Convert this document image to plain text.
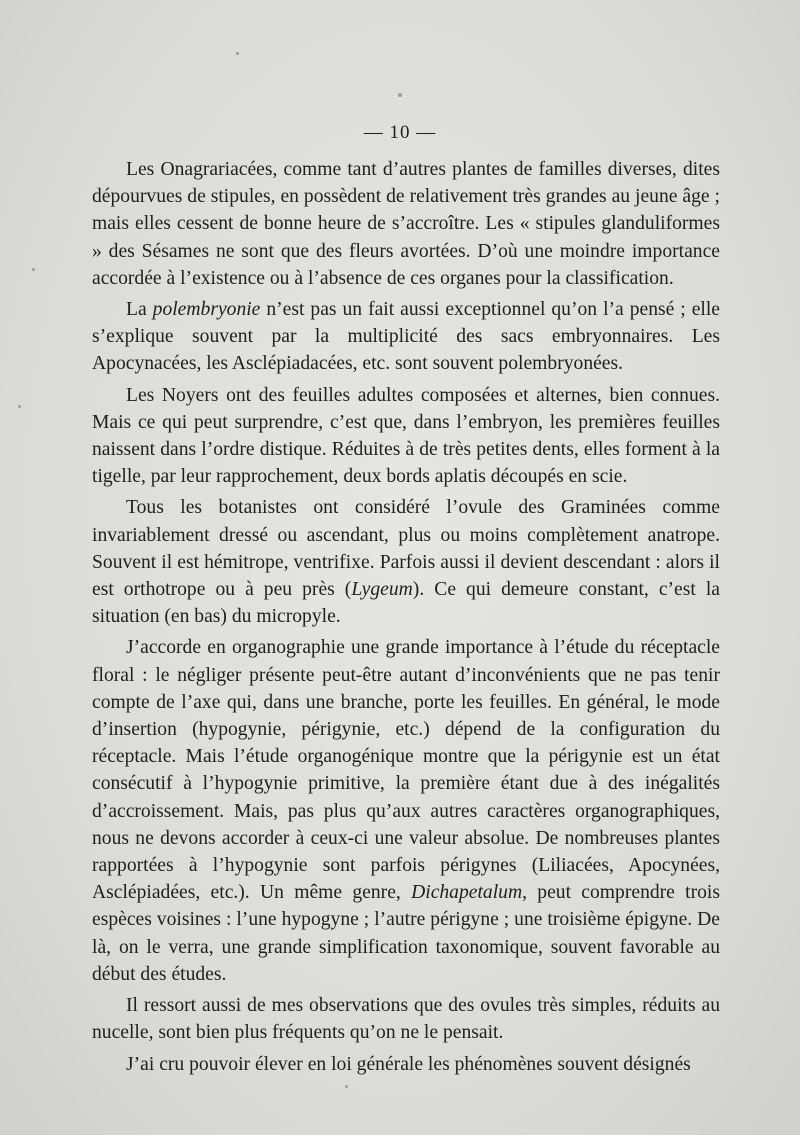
— 10 —

Les Onagrariacées, comme tant d’autres plantes de familles diverses, dites dépourvues de stipules, en possèdent de relativement très grandes au jeune âge ; mais elles cessent de bonne heure de s’accroître. Les « stipules glanduliformes » des Sésames ne sont que des fleurs avortées. D’où une moindre importance accordée à l’existence ou à l’absence de ces organes pour la classification.

La polembryonie n’est pas un fait aussi exceptionnel qu’on l’a pensé ; elle s’explique souvent par la multiplicité des sacs embryonnaires. Les Apocynacées, les Asclépiadacées, etc. sont souvent polembryonées.

Les Noyers ont des feuilles adultes composées et alternes, bien connues. Mais ce qui peut surprendre, c’est que, dans l’embryon, les premières feuilles naissent dans l’ordre distique. Réduites à de très petites dents, elles forment à la tigelle, par leur rapprochement, deux bords aplatis découpés en scie.

Tous les botanistes ont considéré l’ovule des Graminées comme invariablement dressé ou ascendant, plus ou moins complètement anatrope. Souvent il est hémitrope, ventrifixe. Parfois aussi il devient descendant : alors il est orthotrope ou à peu près (Lygeum). Ce qui demeure constant, c’est la situation (en bas) du micropyle.

J’accorde en organographie une grande importance à l’étude du réceptacle floral : le négliger présente peut-être autant d’inconvénients que ne pas tenir compte de l’axe qui, dans une branche, porte les feuilles. En général, le mode d’insertion (hypogynie, périgynie, etc.) dépend de la configuration du réceptacle. Mais l’étude organogénique montre que la périgynie est un état consécutif à l’hypogynie primitive, la première étant due à des inégalités d’accroissement. Mais, pas plus qu’aux autres caractères organographiques, nous ne devons accorder à ceux-ci une valeur absolue. De nombreuses plantes rapportées à l’hypogynie sont parfois périgynes (Liliacées, Apocynées, Asclépiadées, etc.). Un même genre, Dichapetalum, peut comprendre trois espèces voisines : l’une hypogyne ; l’autre périgyne ; une troisième épigyne. De là, on le verra, une grande simplification taxonomique, souvent favorable au début des études.

Il ressort aussi de mes observations que des ovules très simples, réduits au nucelle, sont bien plus fréquents qu’on ne le pensait.

J’ai cru pouvoir élever en loi générale les phénomènes souvent désignés
